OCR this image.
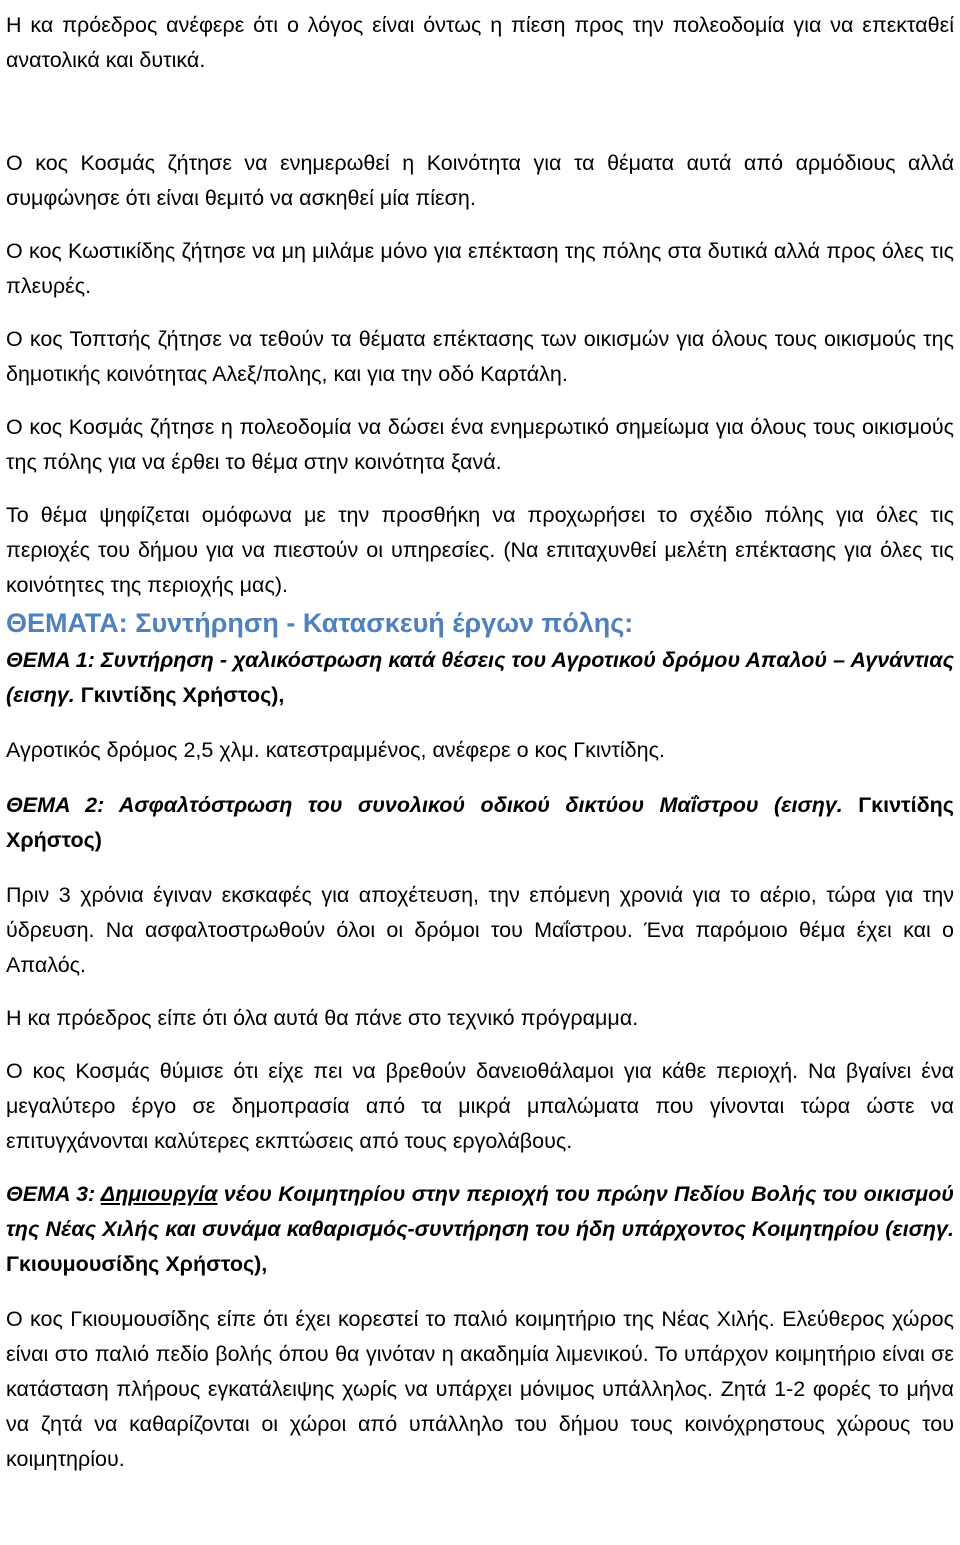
Η κα πρόεδρος ανέφερε ότι ο λόγος είναι όντως η πίεση προς την πολεοδομία για να επεκταθεί ανατολικά και δυτικά.

Ο κος Κοσμάς ζήτησε να ενημερωθεί η Κοινότητα για τα θέματα αυτά από αρμόδιους αλλά συμφώνησε ότι είναι θεμιτό να ασκηθεί μία πίεση.

Ο κος Κωστικίδης ζήτησε να μη μιλάμε μόνο για επέκταση της πόλης στα δυτικά αλλά προς όλες τις πλευρές.

Ο κος Τοπτσής ζήτησε να τεθούν τα θέματα επέκτασης των οικισμών για όλους τους οικισμούς της δημοτικής κοινότητας Αλεξ/πολης, και για την οδό Καρτάλη.

Ο κος Κοσμάς ζήτησε η πολεοδομία να δώσει ένα ενημερωτικό σημείωμα για όλους τους οικισμούς της πόλης για να έρθει το θέμα στην κοινότητα ξανά.

Το θέμα ψηφίζεται ομόφωνα με την προσθήκη να προχωρήσει το σχέδιο πόλης για όλες τις περιοχές του δήμου για να πιεστούν οι υπηρεσίες. (Να επιταχυνθεί μελέτη επέκτασης για όλες τις κοινότητες της περιοχής μας).

ΘΕΜΑΤΑ: Συντήρηση - Κατασκευή έργων πόλης:

ΘΕΜΑ 1: Συντήρηση - χαλικόστρωση κατά θέσεις του Αγροτικού δρόμου Απαλού – Αγνάντιας (εισηγ. Γκιντίδης Χρήστος),

Αγροτικός δρόμος 2,5 χλμ. κατεστραμμένος, ανέφερε ο κος Γκιντίδης.

ΘΕΜΑ 2: Ασφαλτόστρωση του συνολικού οδικού δικτύου Μαΐστρου (εισηγ. Γκιντίδης Χρήστος)

Πριν 3 χρόνια έγιναν εκσκαφές για αποχέτευση, την επόμενη χρονιά για το αέριο, τώρα για την ύδρευση. Να ασφαλτοστρωθούν όλοι οι δρόμοι του Μαΐστρου. Ένα παρόμοιο θέμα έχει και ο Απαλός.

Η κα πρόεδρος είπε ότι όλα αυτά θα πάνε στο τεχνικό πρόγραμμα.

Ο κος Κοσμάς θύμισε ότι είχε πει να βρεθούν δανειοθάλαμοι για κάθε περιοχή. Να βγαίνει ένα μεγαλύτερο έργο σε δημοπρασία από τα μικρά μπαλώματα που γίνονται τώρα ώστε να επιτυγχάνονται καλύτερες εκπτώσεις από τους εργολάβους.

ΘΕΜΑ 3: Δημιουργία νέου Κοιμητηρίου στην περιοχή του πρώην Πεδίου Βολής του οικισμού της Νέας Χιλής και συνάμα καθαρισμός-συντήρηση του ήδη υπάρχοντος Κοιμητηρίου (εισηγ. Γκιουμουσίδης Χρήστος),

Ο κος Γκιουμουσίδης είπε ότι έχει κορεστεί το παλιό κοιμητήριο της Νέας Χιλής. Ελεύθερος χώρος είναι στο παλιό πεδίο βολής όπου θα γινόταν η ακαδημία λιμενικού. Το υπάρχον κοιμητήριο είναι σε κατάσταση πλήρους εγκατάλειψης χωρίς να υπάρχει μόνιμος υπάλληλος. Ζητά 1-2 φορές το μήνα να ζητά να καθαρίζονται οι χώροι από υπάλληλο του δήμου τους κοινόχρηστους χώρους του κοιμητηρίου.
